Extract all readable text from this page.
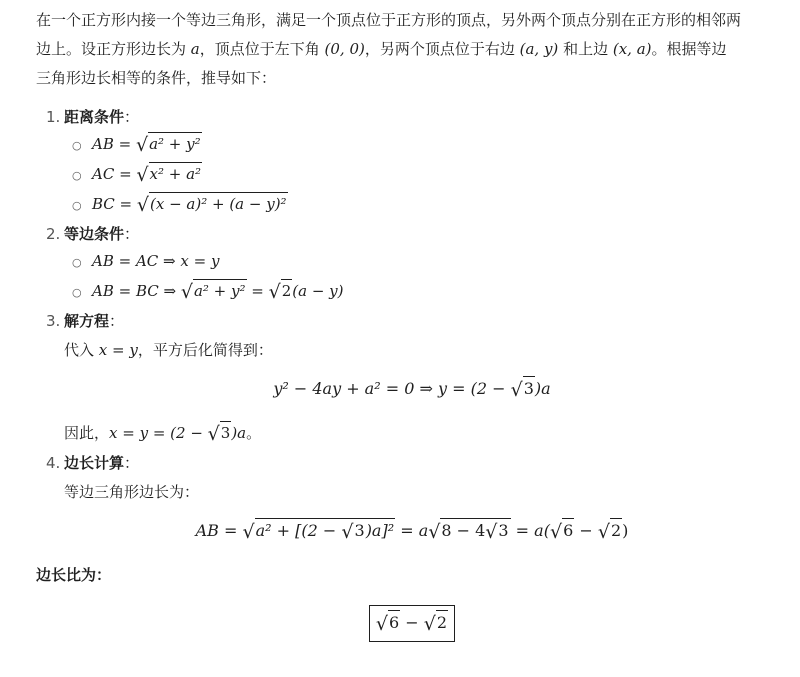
在一个正方形内接一个等边三角形，满足一个顶点位于正方形的顶点，另外两个顶点分别在正方形的相邻两
边上。设正方形边长为 a，顶点位于左下角 (0, 0)，另两个顶点位于右边 (a, y) 和上边 (x, a)。根据等边
三角形边长相等的条件，推导如下：

1. 距离条件：
○ AB = √a² + y²
○ AC = √x² + a²
○ BC = √(x − a)² + (a − y)²
2. 等边条件：
○ AB = AC ⇒ x = y
○ AB = BC ⇒ √a² + y² = √2(a − y)
3. 解方程：
代入 x = y，平方后化简得到：
y² − 4ay + a² = 0 ⇒ y = (2 − √3)a
因此，x = y = (2 − √3)a。
4. 边长计算：
等边三角形边长为：
AB = √a² + [(2 − √3)a]² = a√8 − 4√3 = a(√6 − √2)
边长比为：
√6 − √2
